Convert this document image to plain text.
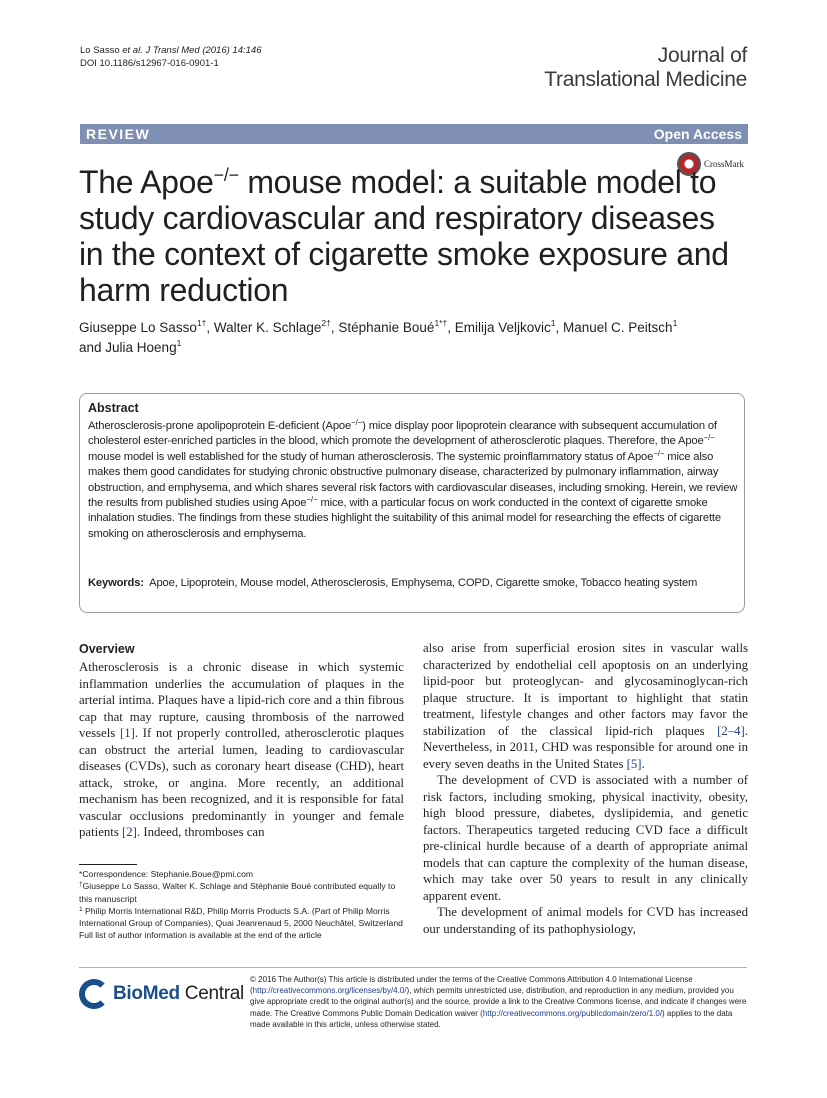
Lo Sasso et al. J Transl Med (2016) 14:146
DOI 10.1186/s12967-016-0901-1	Journal of
Translational Medicine
REVIEW	Open Access
CrossMark
The Apoe−/− mouse model: a suitable model to study cardiovascular and respiratory diseases in the context of cigarette smoke exposure and harm reduction
Giuseppe Lo Sasso$^{1\dagger}$, Walter K. Schlage$^{2\dagger}$, Stéphanie Boué$^{1*\dagger}$, Emilija Veljkovic$^1$, Manuel C. Peitsch$^1$
and Julia Hoeng$^1$
Abstract
Atherosclerosis-prone apolipoprotein E-deficient (Apoe−/−) mice display poor lipoprotein clearance with subsequent accumulation of cholesterol ester-enriched particles in the blood, which promote the development of atherosclerotic plaques. Therefore, the Apoe−/− mouse model is well established for the study of human atherosclerosis. The systemic proinflammatory status of Apoe−/− mice also makes them good candidates for studying chronic obstructive pulmonary disease, characterized by pulmonary inflammation, airway obstruction, and emphysema, and which shares several risk factors with cardiovascular diseases, including smoking. Herein, we review the results from published studies using Apoe−/− mice, with a particular focus on work conducted in the context of cigarette smoke inhalation studies. The findings from these studies highlight the suitability of this animal model for researching the effects of cigarette smoking on atherosclerosis and emphysema.
Keywords: Apoe, Lipoprotein, Mouse model, Atherosclerosis, Emphysema, COPD, Cigarette smoke, Tobacco heating system
Overview
Atherosclerosis is a chronic disease in which systemic inflammation underlies the accumulation of plaques in the arterial intima. Plaques have a lipid-rich core and a thin fibrous cap that may rupture, causing thrombosis of the narrowed vessels [1]. If not properly controlled, atherosclerotic plaques can obstruct the arterial lumen, leading to cardiovascular diseases (CVDs), such as coronary heart disease (CHD), heart attack, stroke, or angina. More recently, an additional mechanism has been recognized, and it is responsible for fatal vascular occlusions predominantly in younger and female patients [2]. Indeed, thromboses can
also arise from superficial erosion sites in vascular walls characterized by endothelial cell apoptosis on an underlying lipid-poor but proteoglycan- and glycosaminoglycan-rich plaque structure. It is important to highlight that statin treatment, lifestyle changes and other factors may favor the stabilization of the classical lipid-rich plaques [2–4]. Nevertheless, in 2011, CHD was responsible for around one in every seven deaths in the United States [5].
The development of CVD is associated with a number of risk factors, including smoking, physical inactivity, obesity, high blood pressure, diabetes, dyslipidemia, and genetic factors. Therapeutics targeted reducing CVD face a difficult pre-clinical hurdle because of a dearth of appropriate animal models that can capture the complexity of the human disease, which may take over 50 years to result in any clinically apparent event.
The development of animal models for CVD has increased our understanding of its pathophysiology,
*Correspondence: Stephanie.Boue@pmi.com
†Giuseppe Lo Sasso, Walter K. Schlage and Stéphanie Boué contributed equally to this manuscript
$^1$ Philip Morris International R&D, Philip Morris Products S.A. (Part of Philip Morris International Group of Companies), Quai Jeanrenaud 5, 2000 Neuchâtel, Switzerland
Full list of author information is available at the end of the article
BioMed Central
© 2016 The Author(s) This article is distributed under the terms of the Creative Commons Attribution 4.0 International License (http://creativecommons.org/licenses/by/4.0/), which permits unrestricted use, distribution, and reproduction in any medium, provided you give appropriate credit to the original author(s) and the source, provide a link to the Creative Commons license, and indicate if changes were made. The Creative Commons Public Domain Dedication waiver (http://creativecommons.org/publicdomain/zero/1.0/) applies to the data made available in this article, unless otherwise stated.
